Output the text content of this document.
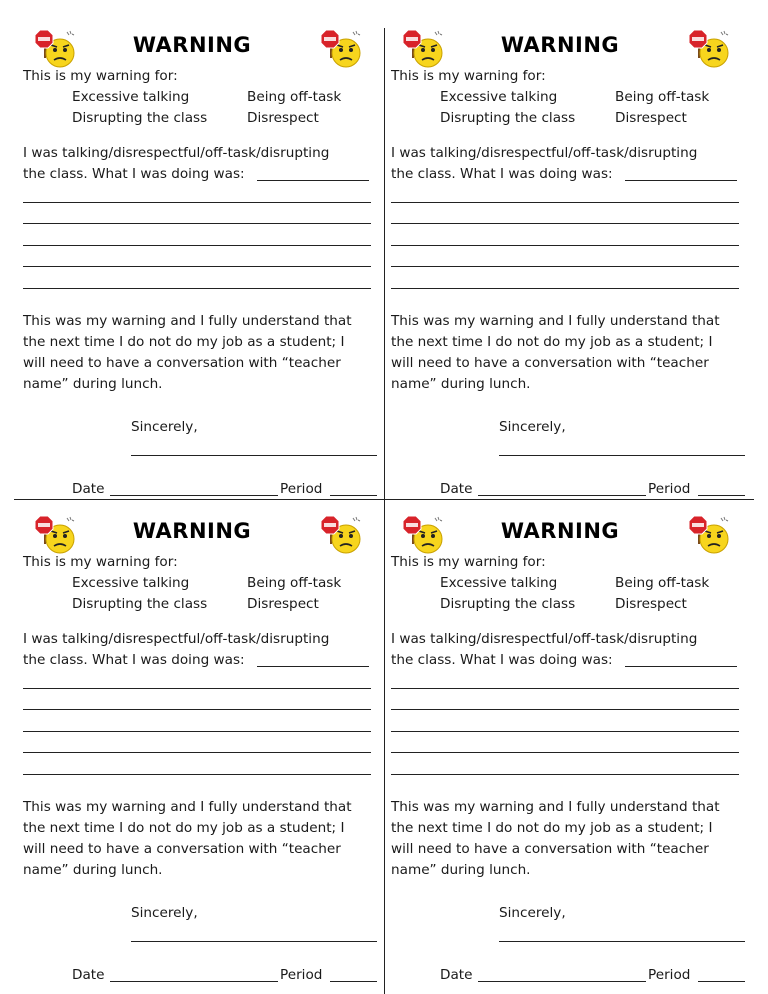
WARNING
This is my warning for:
Excessive talking	Being off-task
Disrupting the class	Disrespect
I was talking/disrespectful/off-task/disrupting
the class. What I was doing was:
This was my warning and I fully understand that
the next time I do not do my job as a student; I
will need to have a conversation with “teacher
name” during lunch.
Sincerely,
Date	Period
WARNING
This is my warning for:
Excessive talking	Being off-task
Disrupting the class	Disrespect
I was talking/disrespectful/off-task/disrupting
the class. What I was doing was:
This was my warning and I fully understand that
the next time I do not do my job as a student; I
will need to have a conversation with “teacher
name” during lunch.
Sincerely,
Date	Period
WARNING
This is my warning for:
Excessive talking	Being off-task
Disrupting the class	Disrespect
I was talking/disrespectful/off-task/disrupting
the class. What I was doing was:
This was my warning and I fully understand that
the next time I do not do my job as a student; I
will need to have a conversation with “teacher
name” during lunch.
Sincerely,
Date	Period
WARNING
This is my warning for:
Excessive talking	Being off-task
Disrupting the class	Disrespect
I was talking/disrespectful/off-task/disrupting
the class. What I was doing was:
This was my warning and I fully understand that
the next time I do not do my job as a student; I
will need to have a conversation with “teacher
name” during lunch.
Sincerely,
Date	Period
